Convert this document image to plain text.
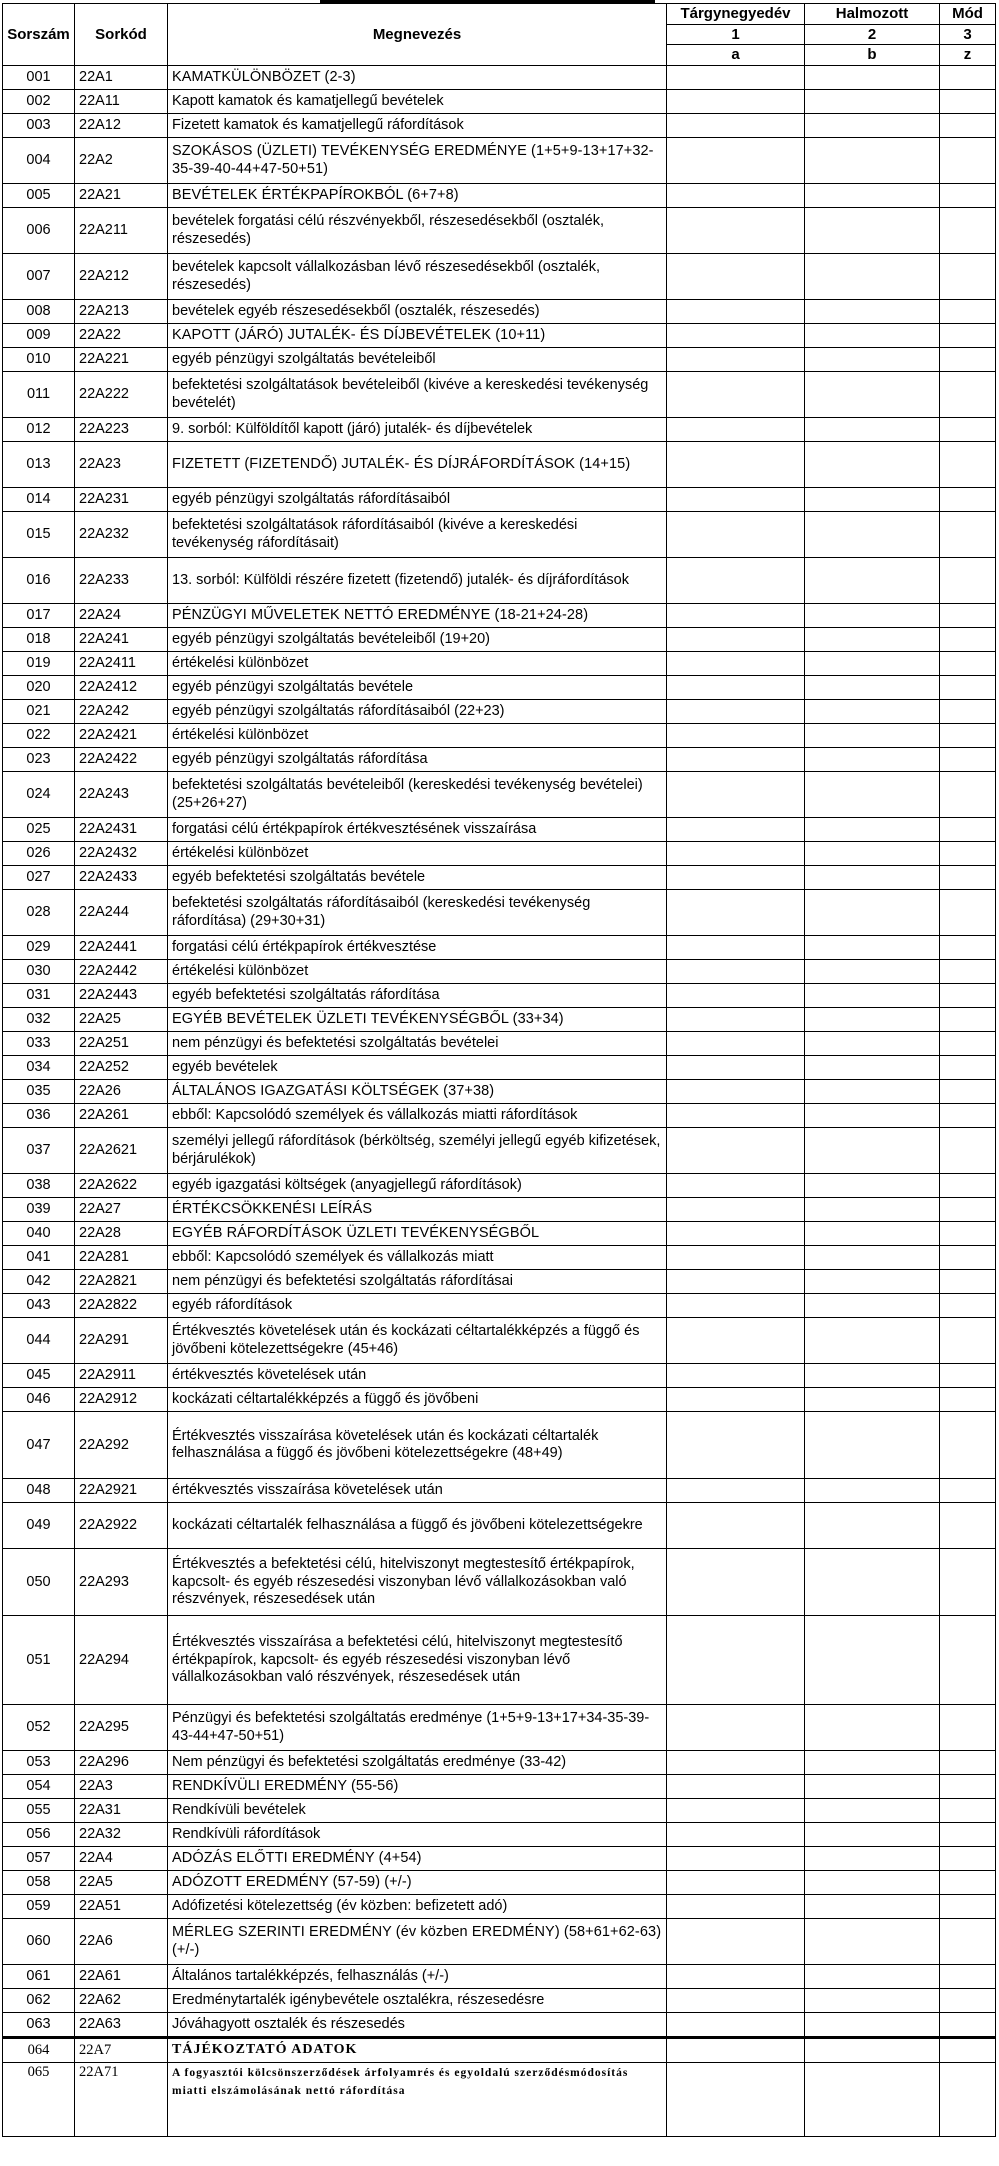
Sorszám	Sorkód	Megnevezés	Tárgynegyedév	Halmozott	Mód
			1	2	3
			a	b	z
001	22A1	KAMATKÜLÖNBÖZET (2-3)			
002	22A11	Kapott kamatok és kamatjellegű bevételek			
003	22A12	Fizetett kamatok és kamatjellegű ráfordítások			
004	22A2	SZOKÁSOS (ÜZLETI) TEVÉKENYSÉG EREDMÉNYE (1+5+9-13+17+32-35-39-40-44+47-50+51)			
005	22A21	BEVÉTELEK ÉRTÉKPAPÍROKBÓL (6+7+8)			
006	22A211	bevételek forgatási célú részvényekből, részesedésekből (osztalék, részesedés)			
007	22A212	bevételek kapcsolt vállalkozásban lévő részesedésekből (osztalék, részesedés)			
008	22A213	bevételek egyéb részesedésekből (osztalék, részesedés)			
009	22A22	KAPOTT (JÁRÓ) JUTALÉK- ÉS DÍJBEVÉTELEK (10+11)			
010	22A221	egyéb pénzügyi szolgáltatás bevételeiből			
011	22A222	befektetési szolgáltatások bevételeiből (kivéve a kereskedési tevékenység bevételét)			
012	22A223	9. sorból: Külföldítől kapott (járó) jutalék- és díjbevételek			
013	22A23	FIZETETT (FIZETENDŐ) JUTALÉK- ÉS DÍJRÁFORDÍTÁSOK (14+15)			
014	22A231	egyéb pénzügyi szolgáltatás ráfordításaiból			
015	22A232	befektetési szolgáltatások ráfordításaiból (kivéve a kereskedési tevékenység ráfordításait)			
016	22A233	13. sorból: Külföldi részére fizetett (fizetendő) jutalék- és díjráfordítások			
017	22A24	PÉNZÜGYI MŰVELETEK NETTÓ EREDMÉNYE (18-21+24-28)			
018	22A241	egyéb pénzügyi szolgáltatás bevételeiből (19+20)			
019	22A2411	értékelési különbözet			
020	22A2412	egyéb pénzügyi szolgáltatás bevétele			
021	22A242	egyéb pénzügyi szolgáltatás ráfordításaiból (22+23)			
022	22A2421	értékelési különbözet			
023	22A2422	egyéb pénzügyi szolgáltatás ráfordítása			
024	22A243	befektetési szolgáltatás bevételeiből (kereskedési tevékenység bevételei) (25+26+27)			
025	22A2431	forgatási célú értékpapírok értékvesztésének visszaírása			
026	22A2432	értékelési különbözet			
027	22A2433	egyéb befektetési szolgáltatás bevétele			
028	22A244	befektetési szolgáltatás ráfordításaiból (kereskedési tevékenység ráfordítása) (29+30+31)			
029	22A2441	forgatási célú értékpapírok értékvesztése			
030	22A2442	értékelési különbözet			
031	22A2443	egyéb befektetési szolgáltatás ráfordítása			
032	22A25	EGYÉB BEVÉTELEK ÜZLETI TEVÉKENYSÉGBŐL (33+34)			
033	22A251	nem pénzügyi és befektetési szolgáltatás bevételei			
034	22A252	egyéb bevételek			
035	22A26	ÁLTALÁNOS IGAZGATÁSI KÖLTSÉGEK (37+38)			
036	22A261	ebből: Kapcsolódó személyek és vállalkozás miatti ráfordítások			
037	22A2621	személyi jellegű ráfordítások (bérköltség, személyi jellegű egyéb kifizetések, bérjárulékok)			
038	22A2622	egyéb igazgatási költségek (anyagjellegű ráfordítások)			
039	22A27	ÉRTÉKCSÖKKENÉSI LEÍRÁS			
040	22A28	EGYÉB RÁFORDÍTÁSOK ÜZLETI TEVÉKENYSÉGBŐL			
041	22A281	ebből: Kapcsolódó személyek és vállalkozás miatt			
042	22A2821	nem pénzügyi és befektetési szolgáltatás ráfordításai			
043	22A2822	egyéb ráfordítások			
044	22A291	Értékvesztés követelések után és kockázati céltartalékképzés a függő és jövőbeni kötelezettségekre (45+46)			
045	22A2911	értékvesztés követelések után			
046	22A2912	kockázati céltartalékképzés a függő és jövőbeni			
047	22A292	Értékvesztés visszaírása követelések után és kockázati céltartalék felhasználása a függő és jövőbeni kötelezettségekre (48+49)			
048	22A2921	értékvesztés visszaírása követelések után			
049	22A2922	kockázati céltartalék felhasználása a függő és jövőbeni kötelezettségekre			
050	22A293	Értékvesztés a befektetési célú, hitelviszonyt megtestesítő értékpapírok, kapcsolt- és egyéb részesedési viszonyban lévő vállalkozásokban való részvények, részesedések után			
051	22A294	Értékvesztés visszaírása a befektetési célú, hitelviszonyt megtestesítő értékpapírok, kapcsolt- és egyéb részesedési viszonyban lévő vállalkozásokban való részvények, részesedések után			
052	22A295	Pénzügyi és befektetési szolgáltatás eredménye (1+5+9-13+17+34-35-39-43-44+47-50+51)			
053	22A296	Nem pénzügyi és befektetési szolgáltatás eredménye (33-42)			
054	22A3	RENDKÍVÜLI EREDMÉNY (55-56)			
055	22A31	Rendkívüli bevételek			
056	22A32	Rendkívüli ráfordítások			
057	22A4	ADÓZÁS ELŐTTI EREDMÉNY (4+54)			
058	22A5	ADÓZOTT EREDMÉNY (57-59) (+/-)			
059	22A51	Adófizetési kötelezettség (év közben: befizetett adó)			
060	22A6	MÉRLEG SZERINTI EREDMÉNY (év közben EREDMÉNY) (58+61+62-63) (+/-)			
061	22A61	Általános tartalékképzés, felhasználás (+/-)			
062	22A62	Eredménytartalék igénybevétele osztalékra, részesedésre			
063	22A63	Jóváhagyott osztalék és részesedés			
064	22A7	TÁJÉKOZTATÓ ADATOK			
065	22A71	A fogyasztói kölcsönszerződések árfolyamrés és egyoldalú szerződésmódosítás miatti elszámolásának nettó ráfordítása			
